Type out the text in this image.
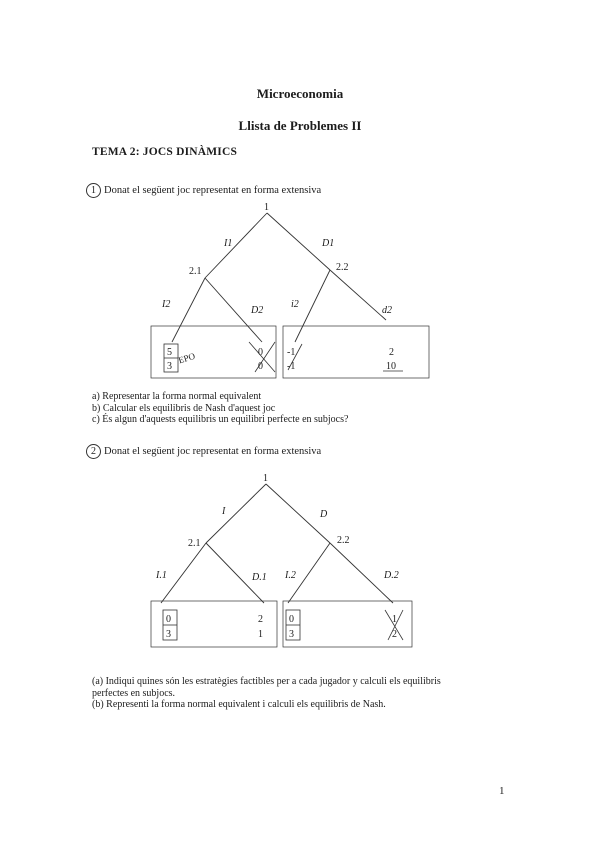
Microeconomia
Llista de Problemes II
TEMA 2: JOCS DINÀMICS
1 Donat el següent joc representat en forma extensiva
1
I1	D1
2.1	2.2
I2
D2
i2
d2
5
3
0
0
-1
-1
2
10
EPO
1
I	D
2.1	2.2
I.1	D.1 I.2	D.2
0
3
2
1
0
3
1
2
a) Representar la forma normal equivalent
b) Calcular els equilibris de Nash d'aquest joc
c) És algun d'aquests equilibris un equilibri perfecte en subjocs?
2 Donat el següent joc representat en forma extensiva
(a) Indiqui quines són les estratègies factibles per a cada jugador y calculi els equilibris
perfectes en subjocs.
(b) Representi la forma normal equivalent i calculi els equilibris de Nash.
1
